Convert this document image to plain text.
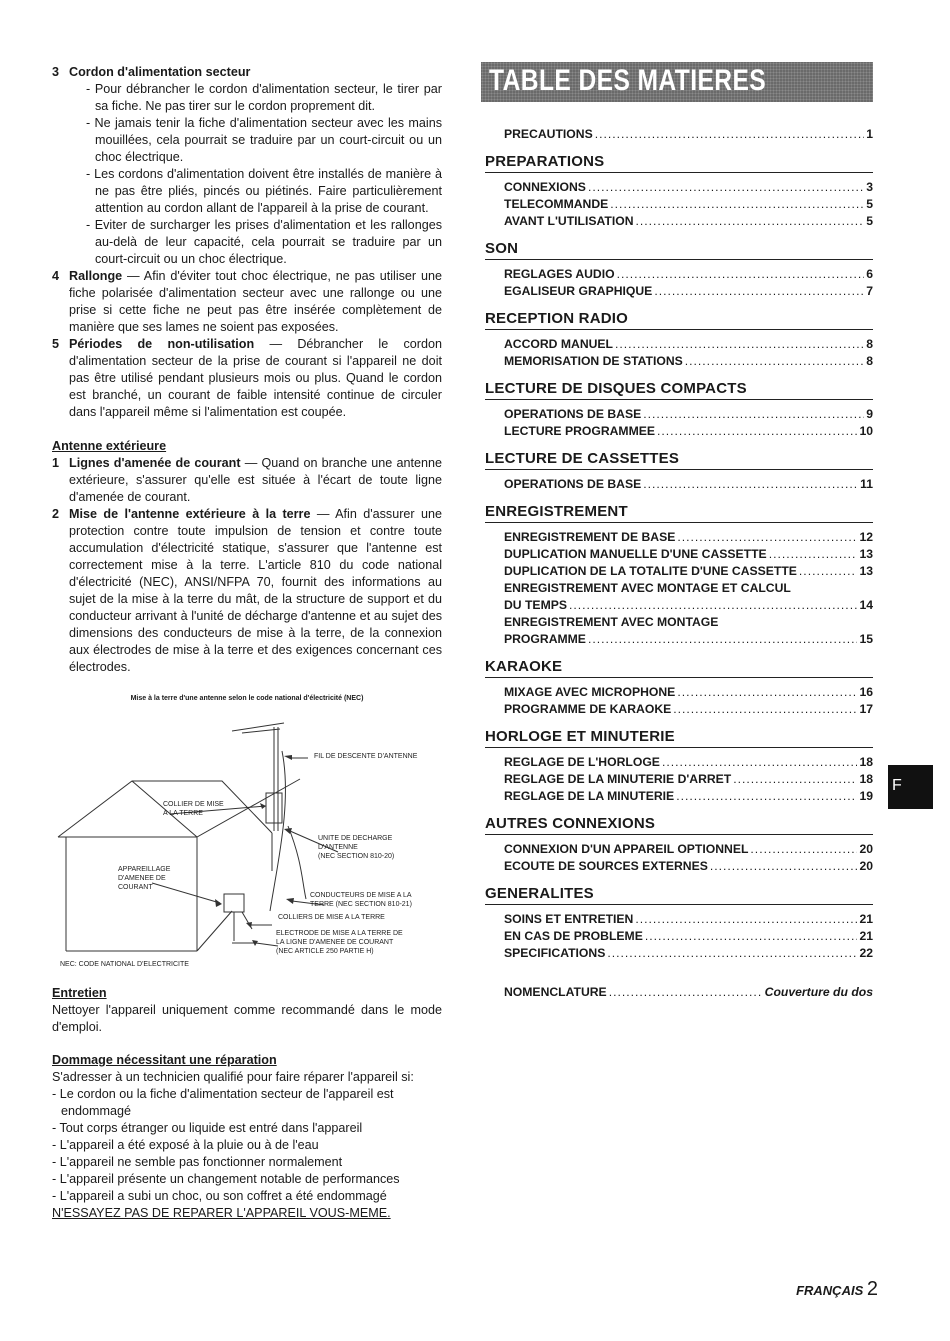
3 Cordon d'alimentation secteur
- Pour débrancher le cordon d'alimentation secteur, le tirer par sa fiche. Ne pas tirer sur le cordon proprement dit.
- Ne jamais tenir la fiche d'alimentation secteur avec les mains mouillées, cela pourrait se traduire par un court-circuit ou un choc électrique.
- Les cordons d'alimentation doivent être installés de manière à ne pas être pliés, pincés ou piétinés. Faire particulièrement attention au cordon allant de l'appareil à la prise de courant.
- Eviter de surcharger les prises d'alimentation et les rallonges au-delà de leur capacité, cela pourrait se traduire par un court-circuit ou un choc électrique.
4 Rallonge — Afin d'éviter tout choc électrique, ne pas utiliser une fiche polarisée d'alimentation secteur avec une rallonge ou une prise si cette fiche ne peut pas être insérée complètement de manière que ses lames ne soient pas exposées.
5 Périodes de non-utilisation — Débrancher le cordon d'alimentation secteur de la prise de courant si l'appareil ne doit pas être utilisé pendant plusieurs mois ou plus. Quand le cordon est branché, un courant de faible intensité continue de circuler dans l'appareil même si l'alimentation est coupée.
Antenne extérieure
1 Lignes d'amenée de courant — Quand on branche une antenne extérieure, s'assurer qu'elle est située à l'écart de toute ligne d'amenée de courant.
2 Mise de l'antenne extérieure à la terre — Afin d'assurer une protection contre toute impulsion de tension et contre toute accumulation d'électricité statique, s'assurer que l'antenne est correctement mise à la terre. L'article 810 du code national d'électricité (NEC), ANSI/NFPA 70, fournit des informations au sujet de la mise à la terre du mât, de la structure de support et du conducteur arrivant à l'unité de décharge d'antenne et au sujet des dimensions des conducteurs de mise à la terre, de la connexion aux électrodes de mise à la terre et des exigences concernant ces électrodes.
Mise à la terre d'une antenne selon le code national d'électricité (NEC)
FIL DE DESCENTE D'ANTENNE
COLLIER DE MISE
A LA TERRE
UNITE DE DECHARGE
D'ANTENNE
(NEC SECTION 810-20)
APPAREILLAGE
D'AMENEE DE
COURANT
CONDUCTEURS DE MISE A LA
TERRE (NEC SECTION 810-21)
COLLIERS DE MISE A LA TERRE
ELECTRODE DE MISE A LA TERRE DE
LA LIGNE D'AMENEE DE COURANT
(NEC ARTICLE 250 PARTIE H)
NEC: CODE NATIONAL D'ELECTRICITE
Entretien
Nettoyer l'appareil uniquement comme recommandé dans le mode d'emploi.
Dommage nécessitant une réparation
S'adresser à un technicien qualifié pour faire réparer l'appareil si:
- Le cordon ou la fiche d'alimentation secteur de l'appareil est endommagé
- Tout corps étranger ou liquide est entré dans l'appareil
- L'appareil a été exposé à la pluie ou à de l'eau
- L'appareil ne semble pas fonctionner normalement
- L'appareil présente un changement notable de performances
- L'appareil a subi un choc, ou son coffret a été endommagé
N'ESSAYEZ PAS DE REPARER L'APPAREIL VOUS-MEME.
TABLE DES MATIERES
PRECAUTIONS .....	1
PREPARATIONS
CONNEXIONS .....	3
TELECOMMANDE .....	5
AVANT L'UTILISATION .....	5
SON
REGLAGES AUDIO .....	6
EGALISEUR GRAPHIQUE .....	7
RECEPTION RADIO
ACCORD MANUEL .....	8
MEMORISATION DE STATIONS .....	8
LECTURE DE DISQUES COMPACTS
OPERATIONS DE BASE .....	9
LECTURE PROGRAMMEE .....	10
LECTURE DE CASSETTES
OPERATIONS DE BASE .....	11
ENREGISTREMENT
ENREGISTREMENT DE BASE .....	12
DUPLICATION MANUELLE D'UNE CASSETTE .....	13
DUPLICATION DE LA TOTALITE D'UNE CASSETTE .....	13
ENREGISTREMENT AVEC MONTAGE ET CALCUL
DU TEMPS .....	14
ENREGISTREMENT AVEC MONTAGE
PROGRAMME .....	15
KARAOKE
MIXAGE AVEC MICROPHONE .....	16
PROGRAMME DE KARAOKE .....	17
HORLOGE ET MINUTERIE
REGLAGE DE L'HORLOGE .....	18
REGLAGE DE LA MINUTERIE D'ARRET .....	18
REGLAGE DE LA MINUTERIE .....	19
AUTRES CONNEXIONS
CONNEXION D'UN APPAREIL OPTIONNEL .....	20
ECOUTE DE SOURCES EXTERNES .....	20
GENERALITES
SOINS ET ENTRETIEN .....	21
EN CAS DE PROBLEME .....	21
SPECIFICATIONS .....	22
NOMENCLATURE .....	Couverture du dos
F
FRANÇAIS 2
